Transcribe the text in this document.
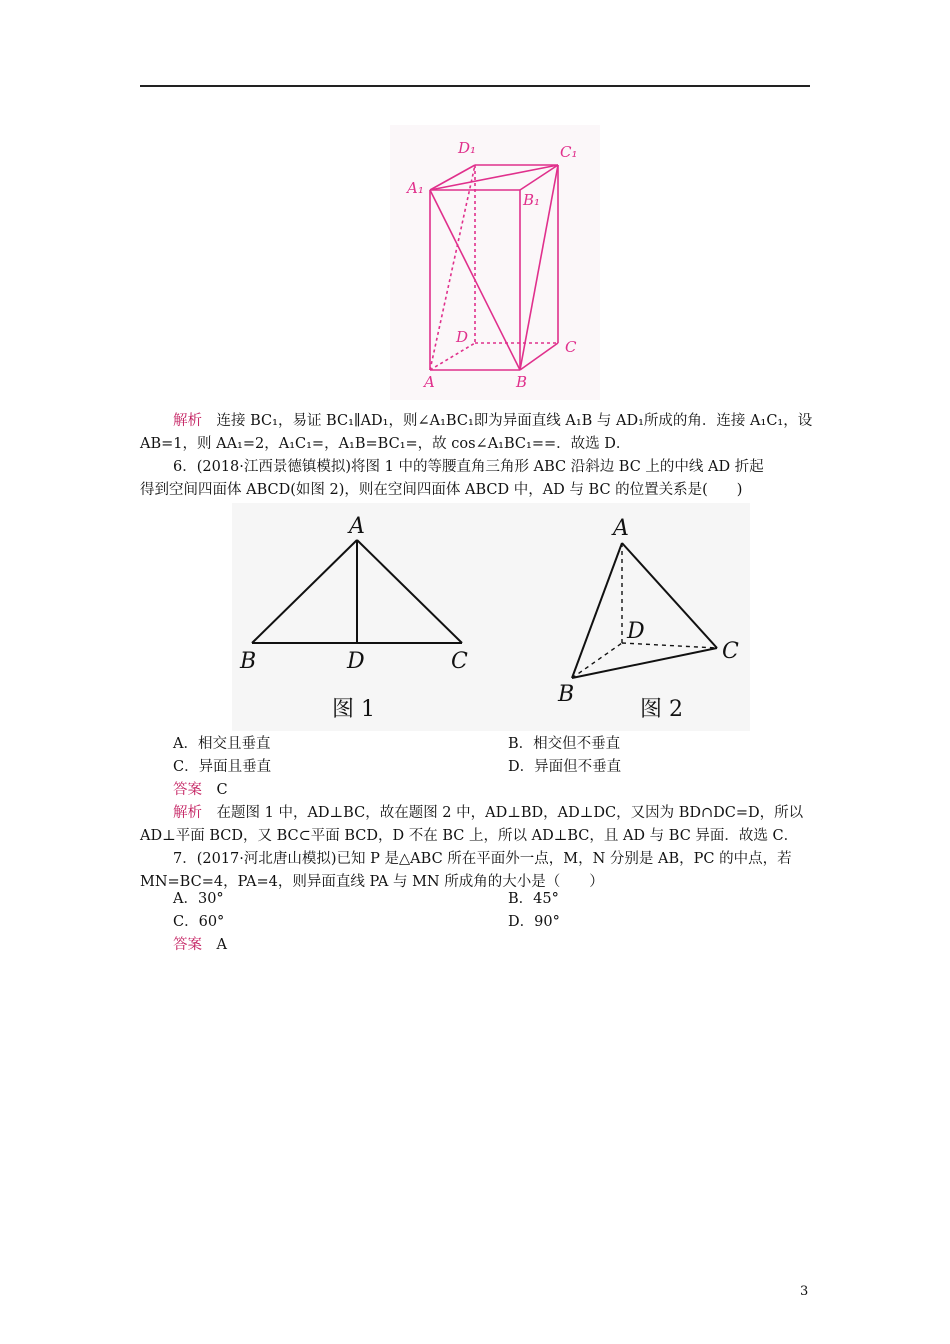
D₁	C₁
A₁
B₁
D
C
A	B
解析　 连接 BC₁，易证 BC₁∥AD₁，则∠A₁BC₁即为异面直线 A₁B 与 AD₁所成的角．连接 A₁C₁，设
AB=1，则 AA₁=2，A₁C₁=，A₁B=BC₁=，故 cos∠A₁BC₁==．故选 D．
6．(2018·江西景德镇模拟)将图 1 中的等腰直角三角形 ABC 沿斜边 BC 上的中线 AD 折起
得到空间四面体 ABCD(如图 2)，则在空间四面体 ABCD 中，AD 与 BC 的位置关系是(　　)
A
B	D	C
A
B
D
C
图 1	图 2
A．相交且垂直	B．相交但不垂直
C．异面且垂直	D．异面但不垂直
答案　 C
解析　 在题图 1 中，AD⊥BC，故在题图 2 中，AD⊥BD，AD⊥DC，又因为 BD∩DC=D，所以
AD⊥平面 BCD，又 BC⊂平面 BCD，D 不在 BC 上，所以 AD⊥BC，且 AD 与 BC 异面．故选 C．
7．(2017·河北唐山模拟)已知 P 是△ABC 所在平面外一点，M，N 分别是 AB，PC 的中点，若
MN=BC=4，PA=4，则异面直线 PA 与 MN 所成角的大小是（　　）
A．30°	B．45°
C．60°	D．90°
答案　 A
3
